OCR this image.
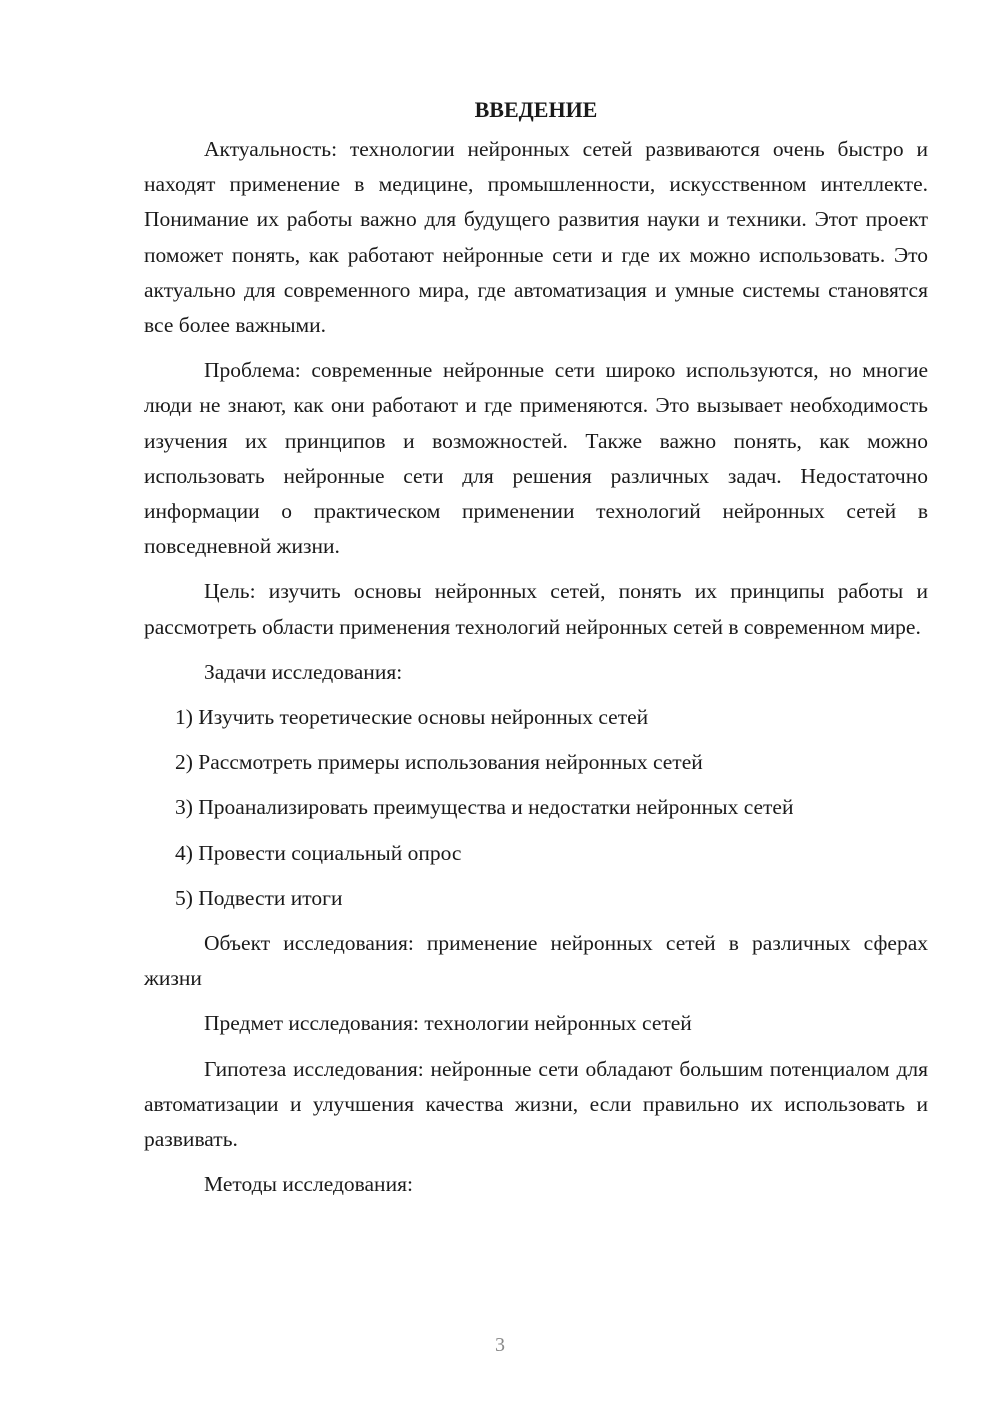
ВВЕДЕНИЕ

Актуальность: технологии нейронных сетей развиваются очень быстро и находят применение в медицине, промышленности, искусственном интеллекте. Понимание их работы важно для будущего развития науки и техники. Этот проект поможет понять, как работают нейронные сети и где их можно использовать. Это актуально для современного мира, где автоматизация и умные системы становятся все более важными.

Проблема: современные нейронные сети широко используются, но многие люди не знают, как они работают и где применяются. Это вызывает необходимость изучения их принципов и возможностей. Также важно понять, как можно использовать нейронные сети для решения различных задач. Недостаточно информации о практическом применении технологий нейронных сетей в повседневной жизни.

Цель: изучить основы нейронных сетей, понять их принципы работы и рассмотреть области применения технологий нейронных сетей в современном мире.

Задачи исследования:

1) Изучить теоретические основы нейронных сетей
2) Рассмотреть примеры использования нейронных сетей
3) Проанализировать преимущества и недостатки нейронных сетей
4) Провести социальный опрос
5) Подвести итоги

Объект исследования: применение нейронных сетей в различных сферах жизни

Предмет исследования: технологии нейронных сетей

Гипотеза исследования: нейронные сети обладают большим потенциалом для автоматизации и улучшения качества жизни, если правильно их использовать и развивать.

Методы исследования:

3
